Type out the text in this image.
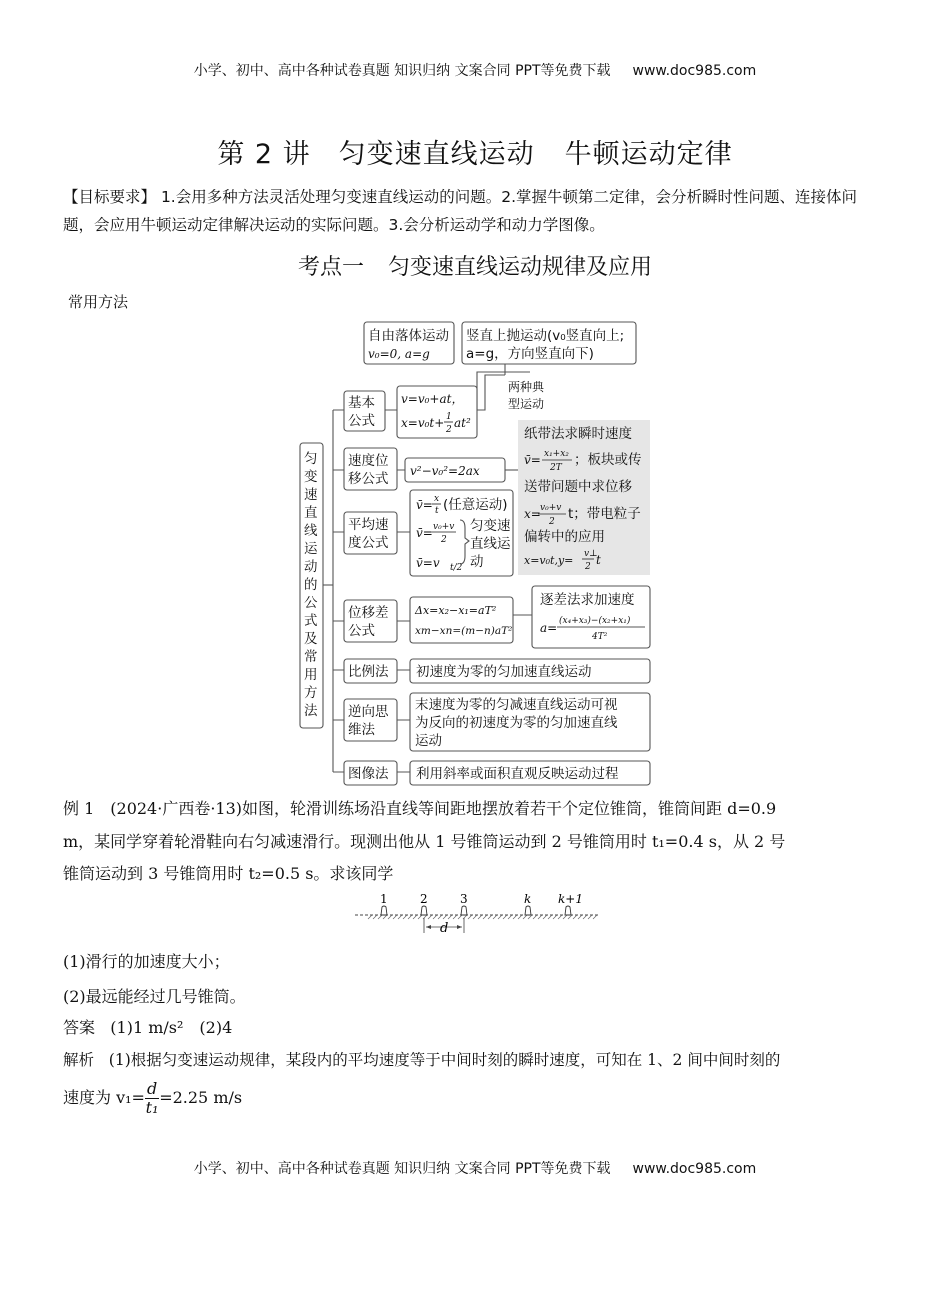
小学、初中、高中各种试卷真题 知识归纳 文案合同 PPT等免费下载 www.doc985.com
第 2 讲　匀变速直线运动 牛顿运动定律
【目标要求】 1.会用多种方法灵活处理匀变速直线运动的问题。2.掌握牛顿第二定律，会分析瞬时性问题、连接体问题，会应用牛顿运动定律解决运动的实际问题。3.会分析运动学和动力学图像。
考点一 匀变速直线运动规律及应用
常用方法
匀
变
速
直
线
运
动
的
公
式
及
常
用
方
法
自由落体运动
v₀=0, a=g
竖直上抛运动(v₀竖直向上;
a=g，方向竖直向下)
两种典
型运动
基本
公式
v=v₀+at，
x=v₀t+ 1
2 at²
速度位
移公式 v²−v₀²=2ax
纸带法求瞬时速度
v̄= x₁+x₂
2T ；板块或传
送带问题中求位移
x= v₀+v
2 t；带电粒子
偏转中的应用
x=v₀t,y= v⊥
2 t
平均速
度公式
v̄= x
t (任意运动)
v̄= v₀+v
2
v̄=v t/2
匀变速
直线运
动
位移差
公式
Δx=x₂−x₁=aT²
xm−xn=(m−n)aT²
逐差法求加速度
a= (x₄+x₃)−(x₂+x₁)
4T²
比例法 初速度为零的匀加速直线运动
逆向思
维法
末速度为零的匀减速直线运动可视
为反向的初速度为零的匀加速直线
运动
图像法 利用斜率或面积直观反映运动过程
例 1　(2024·广西卷·13)如图，轮滑训练场沿直线等间距地摆放着若干个定位锥筒，锥筒间距 d=0.9
m，某同学穿着轮滑鞋向右匀减速滑行。现测出他从 1 号锥筒运动到 2 号锥筒用时 t₁=0.4 s，从 2 号
锥筒运动到 3 号锥筒用时 t₂=0.5 s。求该同学
1	2	3	k k+1
d
(1)滑行的加速度大小；
(2)最远能经过几号锥筒。
答案 (1)1 m/s²　(2)4
解析 (1)根据匀变速运动规律，某段内的平均速度等于中间时刻的瞬时速度，可知在 1、2 间中间时刻的
速度为 $v_1= \frac{d}{\text{t₁}} =2.25$ m/s
小学、初中、高中各种试卷真题 知识归纳 文案合同 PPT等免费下载 www.doc985.com
